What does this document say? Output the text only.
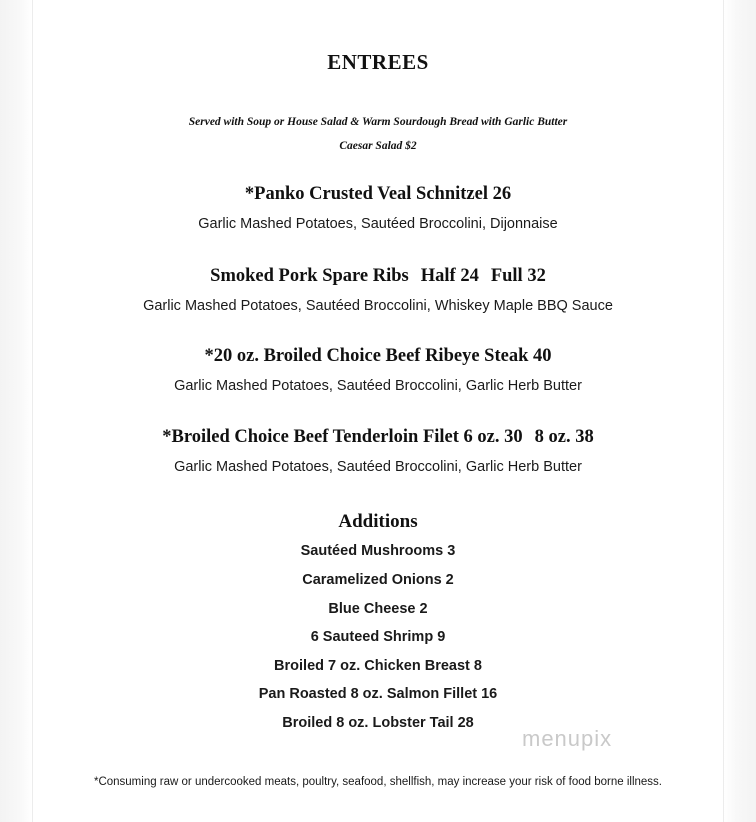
ENTREES
Served with Soup or House Salad & Warm Sourdough Bread with Garlic Butter
Caesar Salad $2
*Panko Crusted Veal Schnitzel 26
Garlic Mashed Potatoes, Sautéed Broccolini, Dijonnaise
Smoked Pork Spare Ribs Half 24 Full 32
Garlic Mashed Potatoes, Sautéed Broccolini, Whiskey Maple BBQ Sauce
*20 oz. Broiled Choice Beef Ribeye Steak 40
Garlic Mashed Potatoes, Sautéed Broccolini, Garlic Herb Butter
*Broiled Choice Beef Tenderloin Filet 6 oz. 30 8 oz. 38
Garlic Mashed Potatoes, Sautéed Broccolini, Garlic Herb Butter
Additions
Sautéed Mushrooms 3
Caramelized Onions 2
Blue Cheese 2
6 Sauteed Shrimp 9
Broiled 7 oz. Chicken Breast 8
Pan Roasted 8 oz. Salmon Fillet 16
Broiled 8 oz. Lobster Tail 28
*Consuming raw or undercooked meats, poultry, seafood, shellfish, may increase your risk of food borne illness.
menupix
